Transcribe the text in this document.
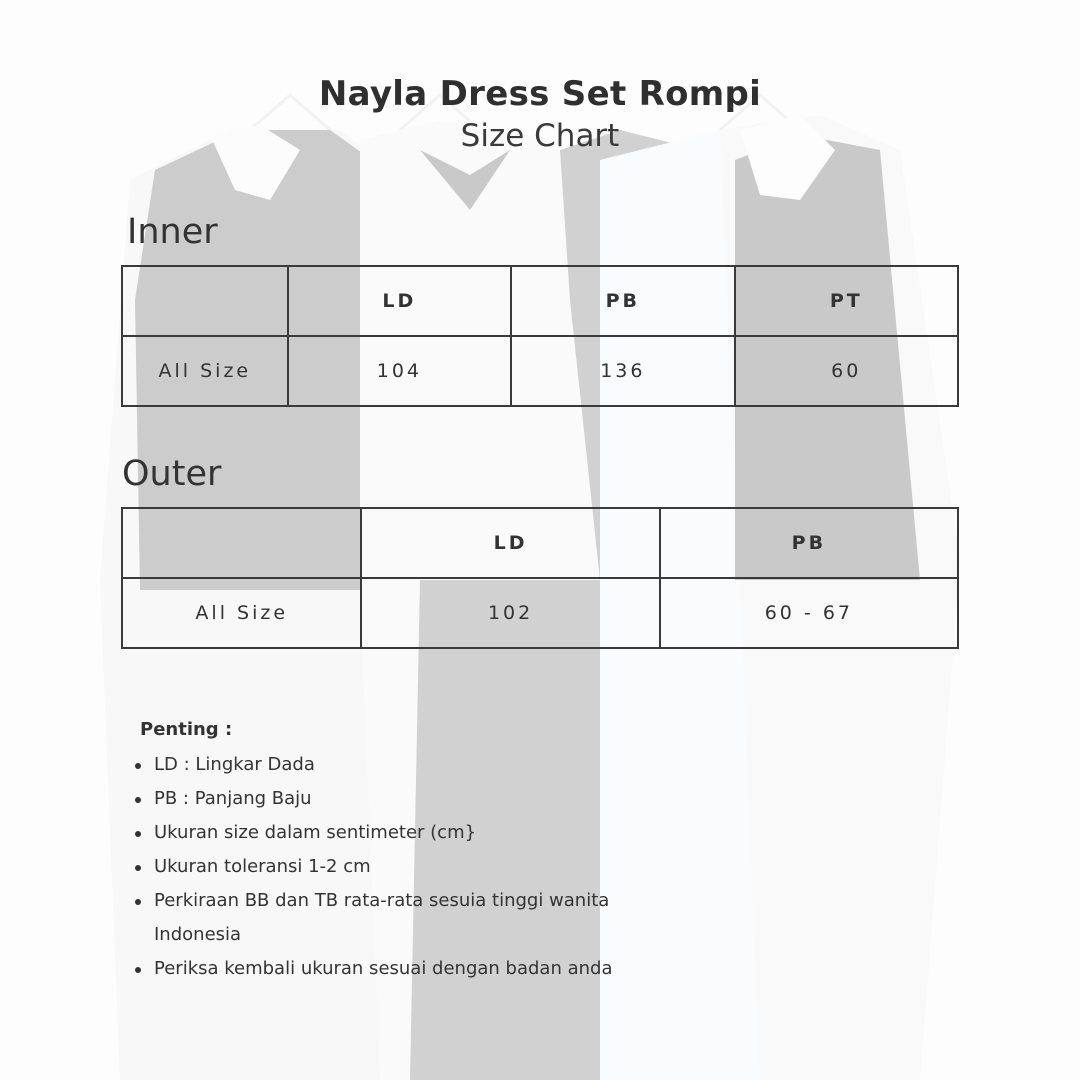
Nayla Dress Set Rompi
Size Chart
Inner
	LD	PB	PT
All Size	104	136	60
Outer
	LD	PB
All Size	102	60 - 67
Penting :
LD : Lingkar Dada
PB : Panjang Baju
Ukuran size dalam sentimeter (cm}
Ukuran toleransi 1-2 cm
Perkiraan BB dan TB rata-rata sesuia tinggi wanita Indonesia
Periksa kembali ukuran sesuai dengan badan anda
